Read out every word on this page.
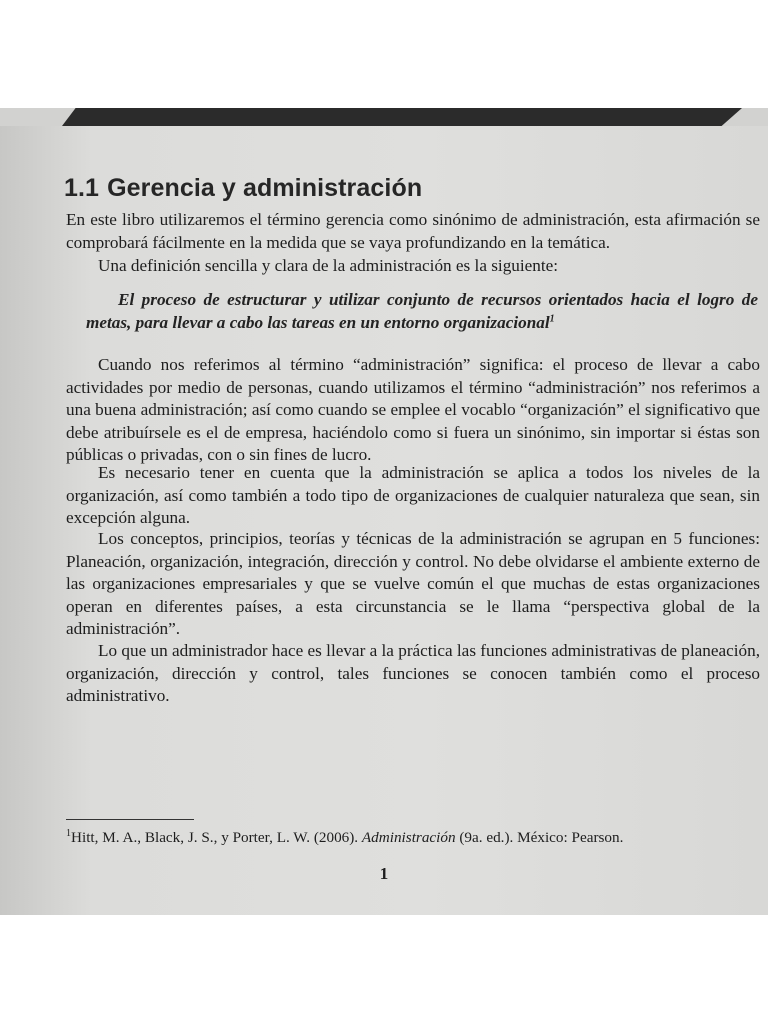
1.1 Gerencia y administración

En este libro utilizaremos el término gerencia como sinónimo de administración, esta afirmación se comprobará fácilmente en la medida que se vaya profundizando en la temática.

Una definición sencilla y clara de la administración es la siguiente:

El proceso de estructurar y utilizar conjunto de recursos orientados hacia el logro de metas, para llevar a cabo las tareas en un entorno organizacional$^1$

Cuando nos referimos al término “administración” significa: el proceso de llevar a cabo actividades por medio de personas, cuando utilizamos el término “administración” nos referimos a una buena administración; así como cuando se emplee el vocablo “organización” el significativo que debe atribuírsele es el de empresa, haciéndolo como si fuera un sinónimo, sin importar si éstas son públicas o privadas, con o sin fines de lucro.

Es necesario tener en cuenta que la administración se aplica a todos los niveles de la organización, así como también a todo tipo de organizaciones de cualquier naturaleza que sean, sin excepción alguna.

Los conceptos, principios, teorías y técnicas de la administración se agrupan en 5 funciones: Planeación, organización, integración, dirección y control. No debe olvidarse el ambiente externo de las organizaciones empresariales y que se vuelve común el que muchas de estas organizaciones operan en diferentes países, a esta circunstancia se le llama “perspectiva global de la administración”.

Lo que un administrador hace es llevar a la práctica las funciones administrativas de planeación, organización, dirección y control, tales funciones se conocen también como el proceso administrativo.

$^1$Hitt, M. A., Black, J. S., y Porter, L. W. (2006). Administración (9a. ed.). México: Pearson.

1
